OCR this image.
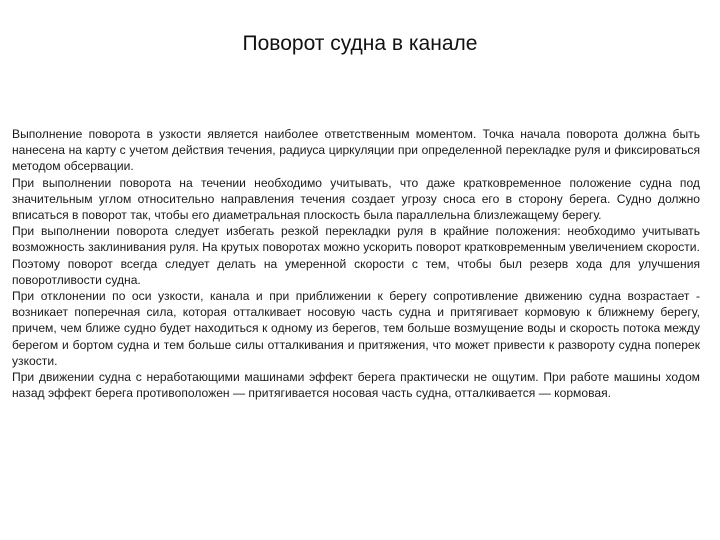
Поворот судна в канале

Выполнение поворота в узкости является наиболее ответственным моментом. Точка начала поворота должна быть нанесена на карту с учетом действия течения, радиуса циркуляции при определенной перекладке руля и фиксироваться методом обсервации.

При выполнении поворота на течении необходимо учитывать, что даже кратковременное положение судна под значительным углом относительно направления течения создает угрозу сноса его в сторону берега. Судно должно вписаться в поворот так, чтобы его диаметральная плоскость была параллельна близлежащему берегу.

При выполнении поворота следует избегать резкой перекладки руля в крайние положения: необходимо учитывать возможность заклинивания руля. На крутых поворотах можно ускорить поворот кратковременным увеличением скорости.

Поэтому поворот всегда следует делать на умеренной скорости с тем, чтобы был резерв хода для улучшения поворотливости судна.

При отклонении по оси узкости, канала и при приближении к берегу сопротивление движению судна возрастает - возникает поперечная сила, которая отталкивает носовую часть судна и притягивает кормовую к ближнему берегу, причем, чем ближе судно будет находиться к одному из берегов, тем больше возмущение воды и скорость потока между берегом и бортом судна и тем больше силы отталкивания и притяжения, что может привести к развороту судна поперек узкости.

При движении судна с неработающими машинами эффект берега практически не ощутим. При работе машины ходом назад эффект берега противоположен — притягивается носовая часть судна, отталкивается — кормовая.
